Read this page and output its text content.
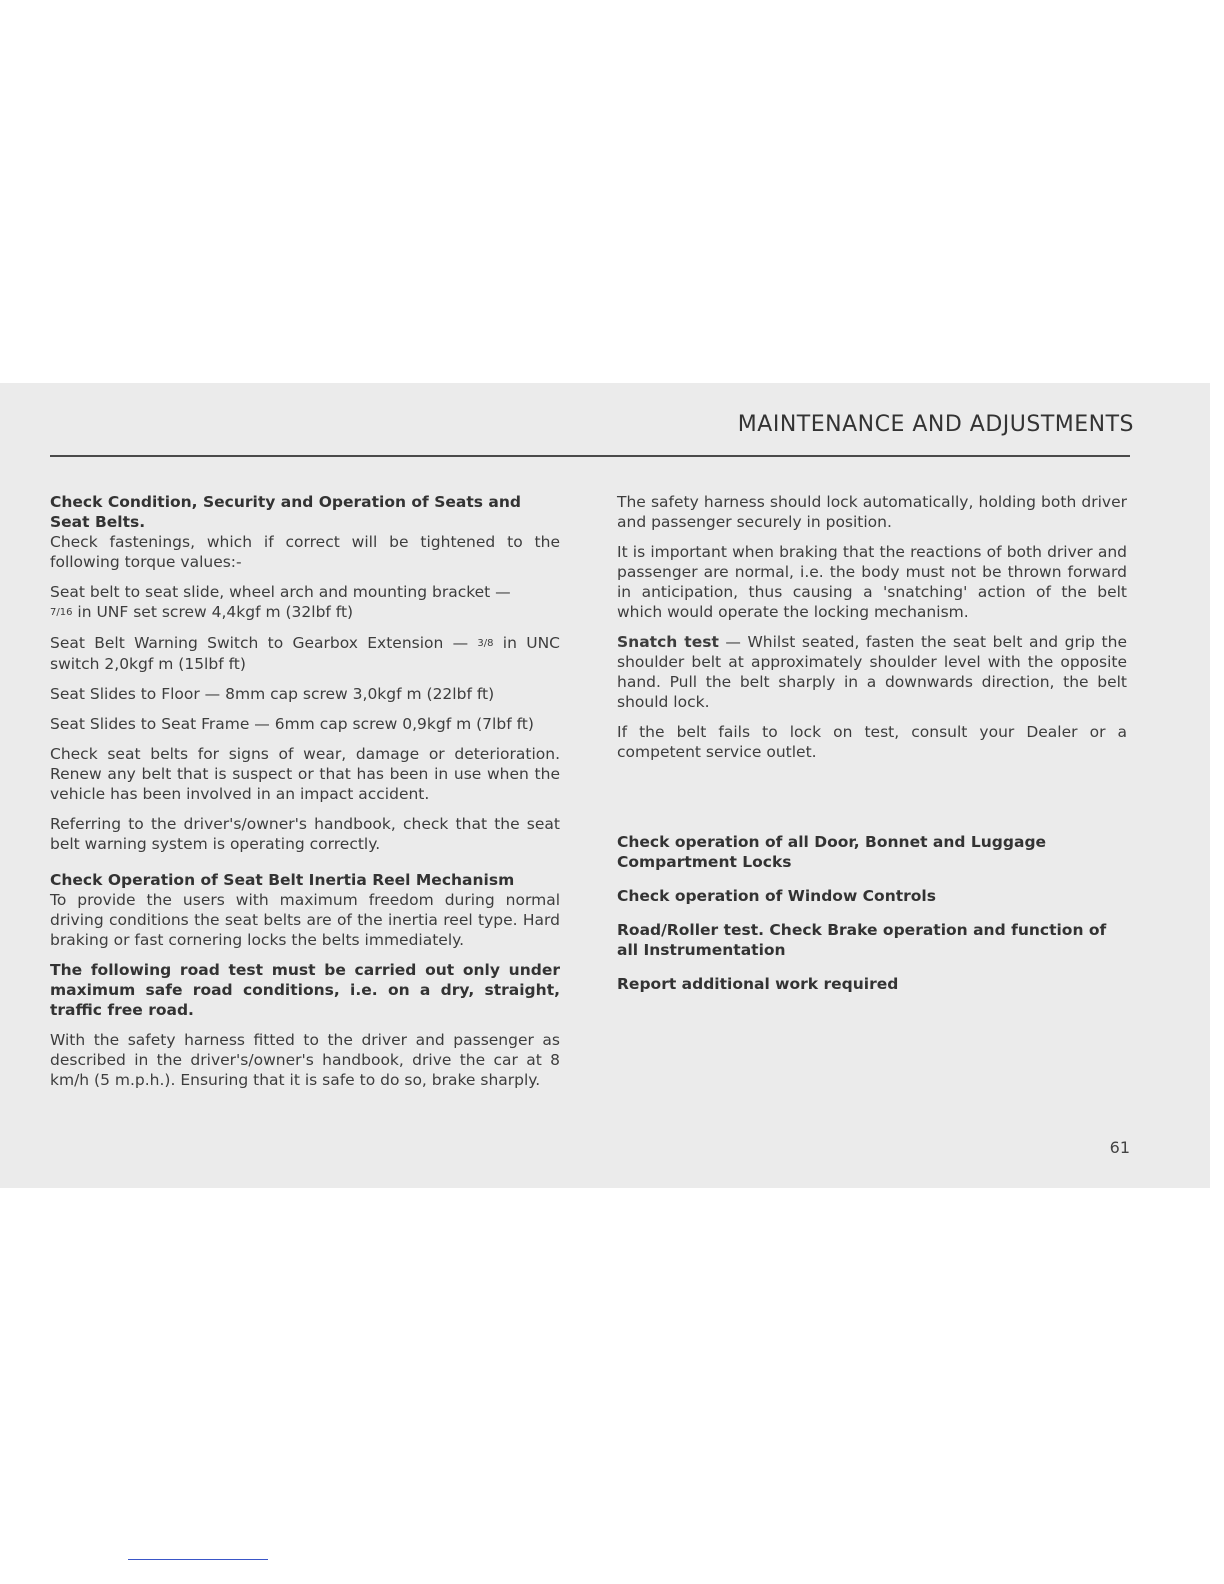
MAINTENANCE AND ADJUSTMENTS
Check Condition, Security and Operation of Seats and Seat Belts.

Check fastenings, which if correct will be tightened to the following torque values:-

Seat belt to seat slide, wheel arch and mounting bracket —
7/16 in UNF set screw 4,4kgf m (32lbf ft)

Seat Belt Warning Switch to Gearbox Extension — 3/8 in UNC switch 2,0kgf m (15lbf ft)

Seat Slides to Floor — 8mm cap screw 3,0kgf m (22lbf ft)

Seat Slides to Seat Frame — 6mm cap screw 0,9kgf m (7lbf ft)

Check seat belts for signs of wear, damage or deterioration. Renew any belt that is suspect or that has been in use when the vehicle has been involved in an impact accident.

Referring to the driver's/owner's handbook, check that the seat belt warning system is operating correctly.

Check Operation of Seat Belt Inertia Reel Mechanism

To provide the users with maximum freedom during normal driving conditions the seat belts are of the inertia reel type. Hard braking or fast cornering locks the belts immediately.

The following road test must be carried out only under maximum safe road conditions, i.e. on a dry, straight, traffic free road.

With the safety harness fitted to the driver and passenger as described in the driver's/owner's handbook, drive the car at 8 km/h (5 m.p.h.). Ensuring that it is safe to do so, brake sharply.

The safety harness should lock automatically, holding both driver and passenger securely in position.

It is important when braking that the reactions of both driver and passenger are normal, i.e. the body must not be thrown forward in anticipation, thus causing a 'snatching' action of the belt which would operate the locking mechanism.

Snatch test — Whilst seated, fasten the seat belt and grip the shoulder belt at approximately shoulder level with the opposite hand. Pull the belt sharply in a downwards direction, the belt should lock.

If the belt fails to lock on test, consult your Dealer or a competent service outlet.

Check operation of all Door, Bonnet and Luggage Compartment Locks
Check operation of Window Controls
Road/Roller test. Check Brake operation and function of all Instrumentation
Report additional work required
61
